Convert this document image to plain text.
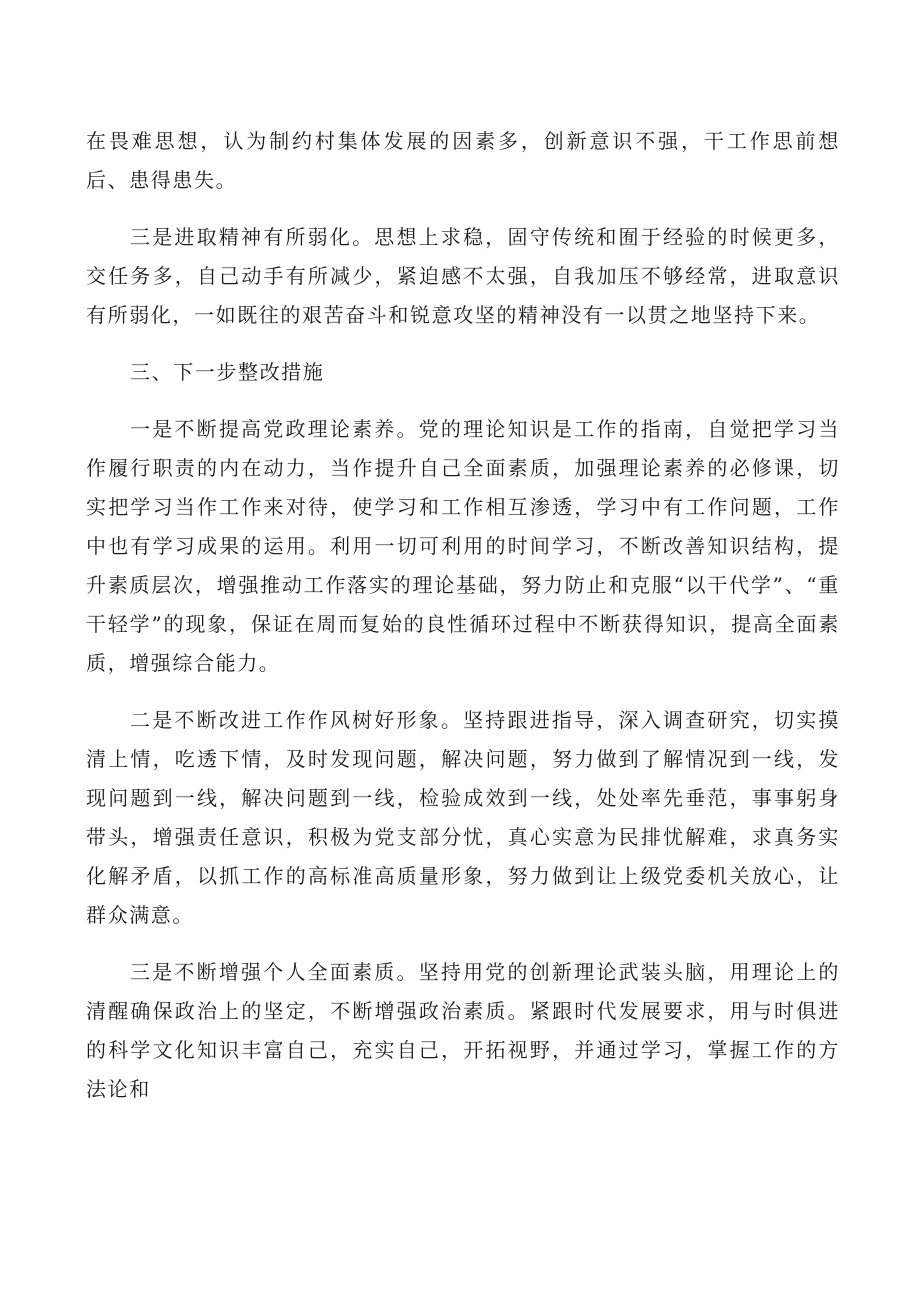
在畏难思想，认为制约村集体发展的因素多，创新意识不强，干工作思前想后、患得患失。

三是进取精神有所弱化。思想上求稳，固守传统和囿于经验的时候更多，交任务多，自己动手有所减少，紧迫感不太强，自我加压不够经常，进取意识有所弱化，一如既往的艰苦奋斗和锐意攻坚的精神没有一以贯之地坚持下来。

三、下一步整改措施

一是不断提高党政理论素养。党的理论知识是工作的指南，自觉把学习当作履行职责的内在动力，当作提升自己全面素质，加强理论素养的必修课，切实把学习当作工作来对待，使学习和工作相互渗透，学习中有工作问题，工作中也有学习成果的运用。利用一切可利用的时间学习，不断改善知识结构，提升素质层次，增强推动工作落实的理论基础，努力防止和克服“以干代学”、“重干轻学”的现象，保证在周而复始的良性循环过程中不断获得知识，提高全面素质，增强综合能力。

二是不断改进工作作风树好形象。坚持跟进指导，深入调查研究，切实摸清上情，吃透下情，及时发现问题，解决问题，努力做到了解情况到一线，发现问题到一线，解决问题到一线，检验成效到一线，处处率先垂范，事事躬身带头，增强责任意识，积极为党支部分忧，真心实意为民排忧解难，求真务实化解矛盾，以抓工作的高标准高质量形象，努力做到让上级党委机关放心，让群众满意。

三是不断增强个人全面素质。坚持用党的创新理论武装头脑，用理论上的清醒确保政治上的坚定，不断增强政治素质。紧跟时代发展要求，用与时俱进的科学文化知识丰富自己，充实自己，开拓视野，并通过学习，掌握工作的方法论和
